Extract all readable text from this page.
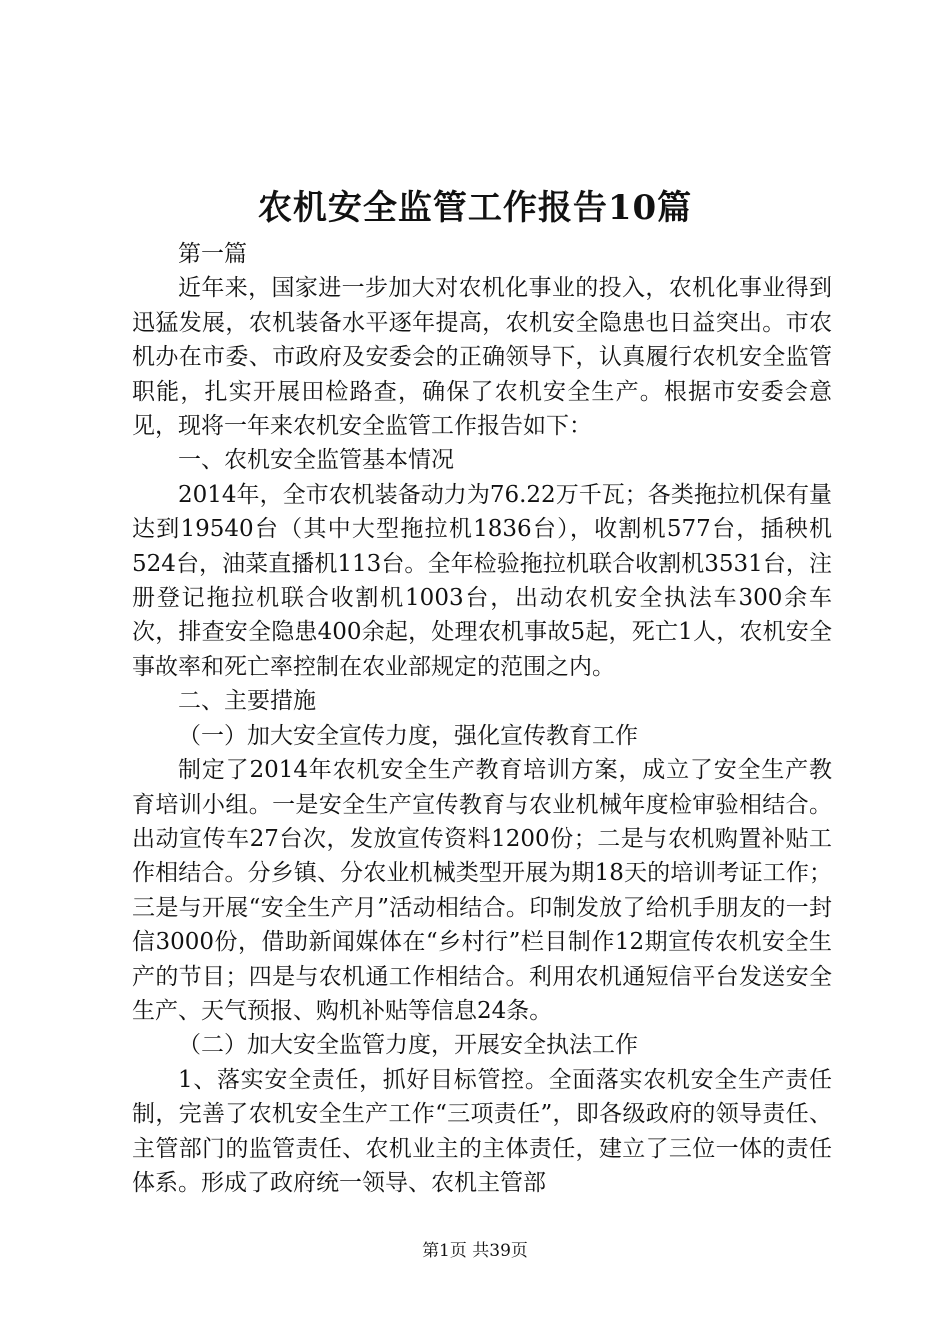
农机安全监管工作报告10篇

第一篇

近年来，国家进一步加大对农机化事业的投入，农机化事业得到迅猛发展，农机装备水平逐年提高，农机安全隐患也日益突出。市农机办在市委、市政府及安委会的正确领导下，认真履行农机安全监管职能，扎实开展田检路查，确保了农机安全生产。根据市安委会意见，现将一年来农机安全监管工作报告如下：

一、农机安全监管基本情况

2014年，全市农机装备动力为76.22万千瓦；各类拖拉机保有量达到19540台（其中大型拖拉机1836台），收割机577台，插秧机524台，油菜直播机113台。全年检验拖拉机联合收割机3531台，注册登记拖拉机联合收割机1003台，出动农机安全执法车300余车次，排查安全隐患400余起，处理农机事故5起，死亡1人，农机安全事故率和死亡率控制在农业部规定的范围之内。

二、主要措施

（一）加大安全宣传力度，强化宣传教育工作

制定了2014年农机安全生产教育培训方案，成立了安全生产教育培训小组。一是安全生产宣传教育与农业机械年度检审验相结合。出动宣传车27台次，发放宣传资料1200份；二是与农机购置补贴工作相结合。分乡镇、分农业机械类型开展为期18天的培训考证工作；三是与开展“安全生产月”活动相结合。印制发放了给机手朋友的一封信3000份，借助新闻媒体在“乡村行”栏目制作12期宣传农机安全生产的节目；四是与农机通工作相结合。利用农机通短信平台发送安全生产、天气预报、购机补贴等信息24条。

（二）加大安全监管力度，开展安全执法工作

1、落实安全责任，抓好目标管控。全面落实农机安全生产责任制，完善了农机安全生产工作“三项责任”，即各级政府的领导责任、主管部门的监管责任、农机业主的主体责任，建立了三位一体的责任体系。形成了政府统一领导、农机主管部

第1页 共39页
